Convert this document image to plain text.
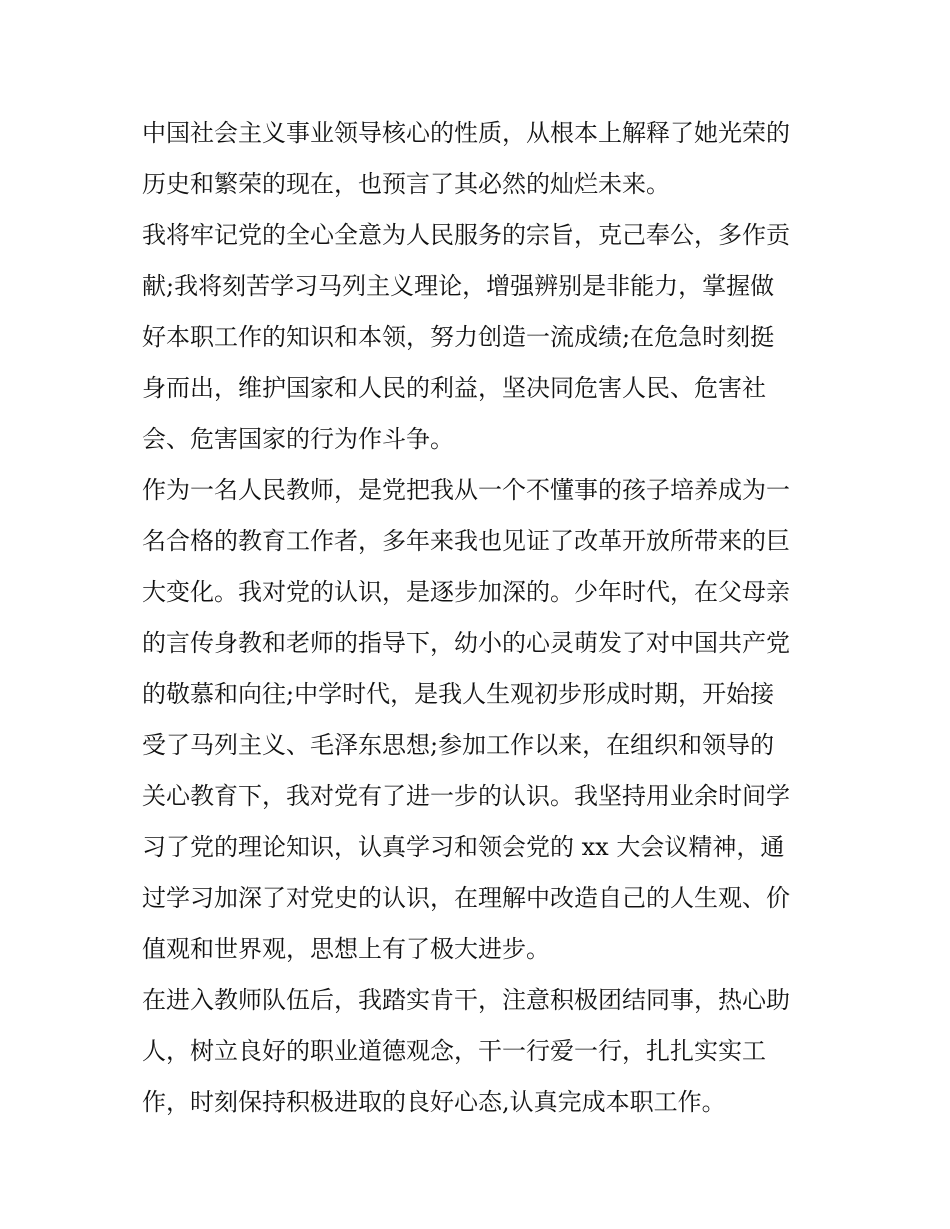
中国社会主义事业领导核心的性质，从根本上解释了她光荣的
历史和繁荣的现在，也预言了其必然的灿烂未来。
我将牢记党的全心全意为人民服务的宗旨，克己奉公，多作贡
献;我将刻苦学习马列主义理论，增强辨别是非能力，掌握做
好本职工作的知识和本领，努力创造一流成绩;在危急时刻挺
身而出，维护国家和人民的利益，坚决同危害人民、危害社
会、危害国家的行为作斗争。
作为一名人民教师，是党把我从一个不懂事的孩子培养成为一
名合格的教育工作者，多年来我也见证了改革开放所带来的巨
大变化。我对党的认识，是逐步加深的。少年时代，在父母亲
的言传身教和老师的指导下，幼小的心灵萌发了对中国共产党
的敬慕和向往;中学时代，是我人生观初步形成时期，开始接
受了马列主义、毛泽东思想;参加工作以来，在组织和领导的
关心教育下，我对党有了进一步的认识。我坚持用业余时间学
习了党的理论知识，认真学习和领会党的 xx 大会议精神，通
过学习加深了对党史的认识，在理解中改造自己的人生观、价
值观和世界观，思想上有了极大进步。
在进入教师队伍后，我踏实肯干，注意积极团结同事，热心助
人，树立良好的职业道德观念，干一行爱一行，扎扎实实工
作，时刻保持积极进取的良好心态,认真完成本职工作。
